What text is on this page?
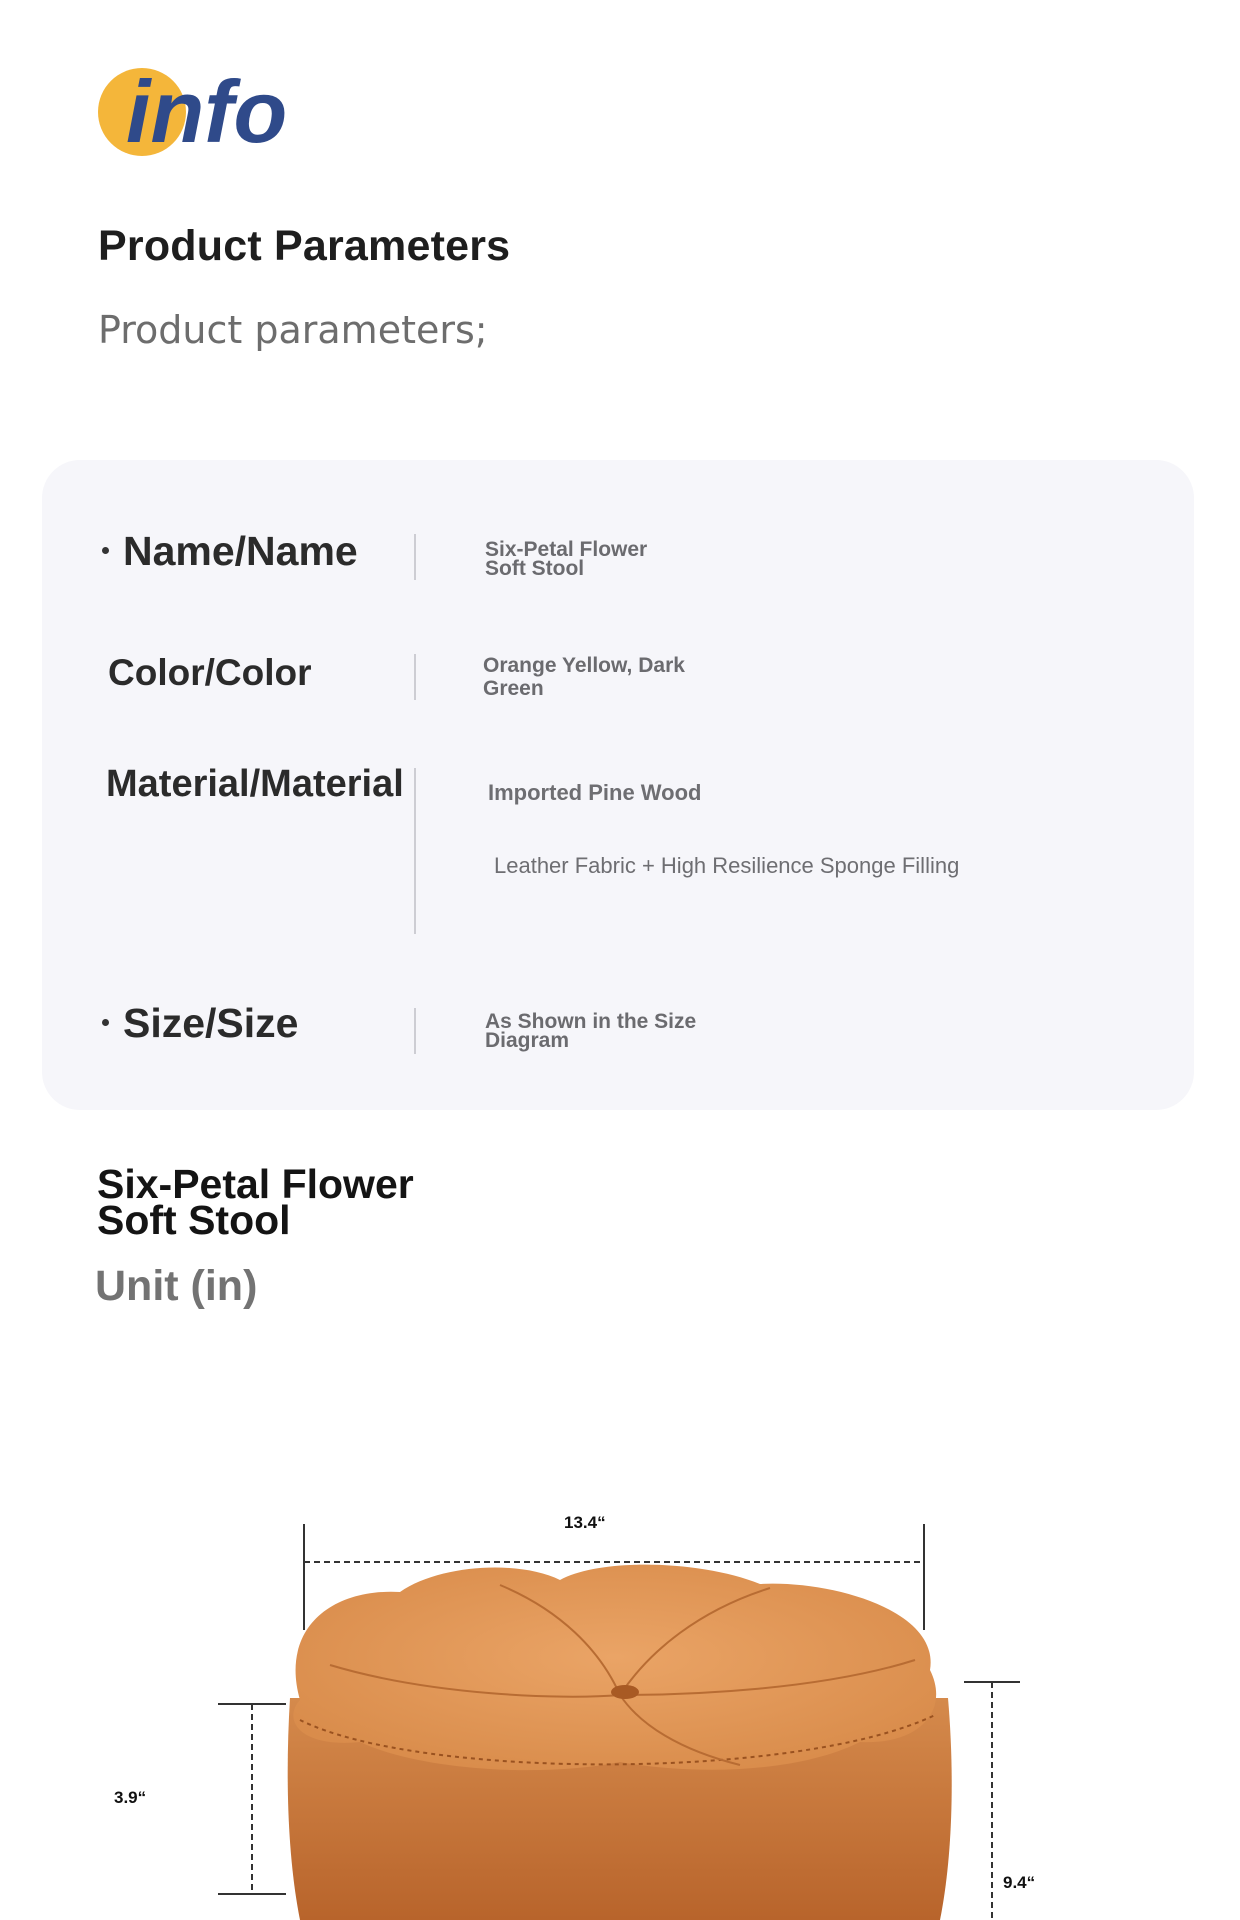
info
Product Parameters
Product parameters;
Name/Name	Six-Petal Flower
Soft Stool
Color/Color	Orange Yellow, Dark
Green
Material/Material	Imported Pine Wood
Leather Fabric + High Resilience Sponge Filling
Size/Size	As Shown in the Size
Diagram
Six-Petal Flower
Soft Stool
Unit (in)
13.4“
3.9“
9.4“
